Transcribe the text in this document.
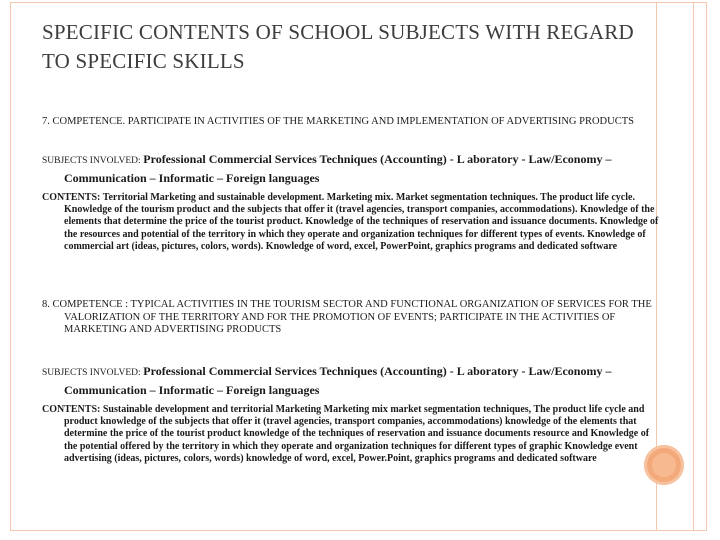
SPECIFIC CONTENTS OF SCHOOL SUBJECTS WITH REGARD TO SPECIFIC SKILLS

7. COMPETENCE. PARTICIPATE IN ACTIVITIES OF THE MARKETING AND IMPLEMENTATION OF ADVERTISING PRODUCTS

SUBJECTS INVOLVED: Professional Commercial Services Techniques (Accounting) - L aboratory - Law/Economy – Communication – Informatic – Foreign languages

CONTENTS: Territorial Marketing and sustainable development. Marketing mix. Market segmentation techniques. The product life cycle. Knowledge of the tourism product and the subjects that offer it (travel agencies, transport companies, accommodations). Knowledge of the elements that determine the price of the tourist product. Knowledge of the techniques of reservation and issuance documents. Knowledge of the resources and potential of the territory in which they operate and organization techniques for different types of events. Knowledge of commercial art (ideas, pictures, colors, words). Knowledge of word, excel, PowerPoint, graphics programs and dedicated software

8. COMPETENCE : TYPICAL ACTIVITIES IN THE TOURISM SECTOR AND FUNCTIONAL ORGANIZATION OF SERVICES FOR THE VALORIZATION OF THE TERRITORY AND FOR THE PROMOTION OF EVENTS; PARTICIPATE IN THE ACTIVITIES OF MARKETING AND ADVERTISING PRODUCTS

SUBJECTS INVOLVED: Professional Commercial Services Techniques (Accounting) - L aboratory - Law/Economy – Communication – Informatic – Foreign languages

CONTENTS: Sustainable development and territorial Marketing Marketing mix market segmentation techniques, The product life cycle and product knowledge of the subjects that offer it (travel agencies, transport companies, accommodations) knowledge of the elements that determine the price of the tourist product knowledge of the techniques of reservation and issuance documents resource and Knowledge of the potential offered by the territory in which they operate and organization techniques for different types of graphic Knowledge event advertising (ideas, pictures, colors, words) knowledge of word, excel, Power.Point, graphics programs and dedicated software
